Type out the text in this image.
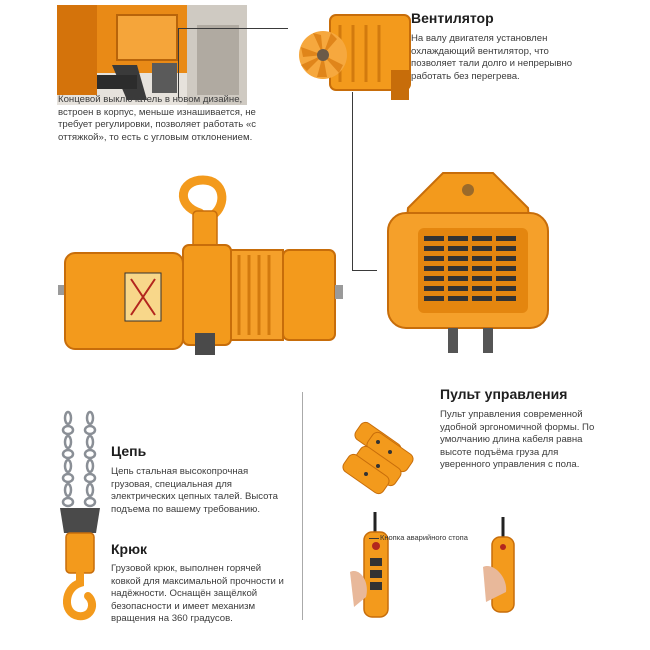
Концевой выключатель в новом дизайне, встроен в корпус, меньше изнашивается, не требует регулировки, позволяет работать «с оттяжкой», то есть с угловым отклонением.
Вентилятор
На валу двигателя установлен охлаждающий вентилятор, что позволяет тали долго и непрерывно работать без перегрева.
Цепь
Цепь стальная высокопрочная грузовая, специальная для электрических цепных талей. Высота подъема по вашему требованию.
Крюк
Грузовой крюк, выполнен горячей ковкой для максимальной прочности и надёжности. Оснащён защёлкой безопасности и имеет механизм вращения на 360 градусов.
Пульт управления
Пульт управления современной удобной эргономичной формы. По умолчанию длина кабеля равна высоте подъёма груза для уверенного управления с пола.
Кнопка аварийного стопа
